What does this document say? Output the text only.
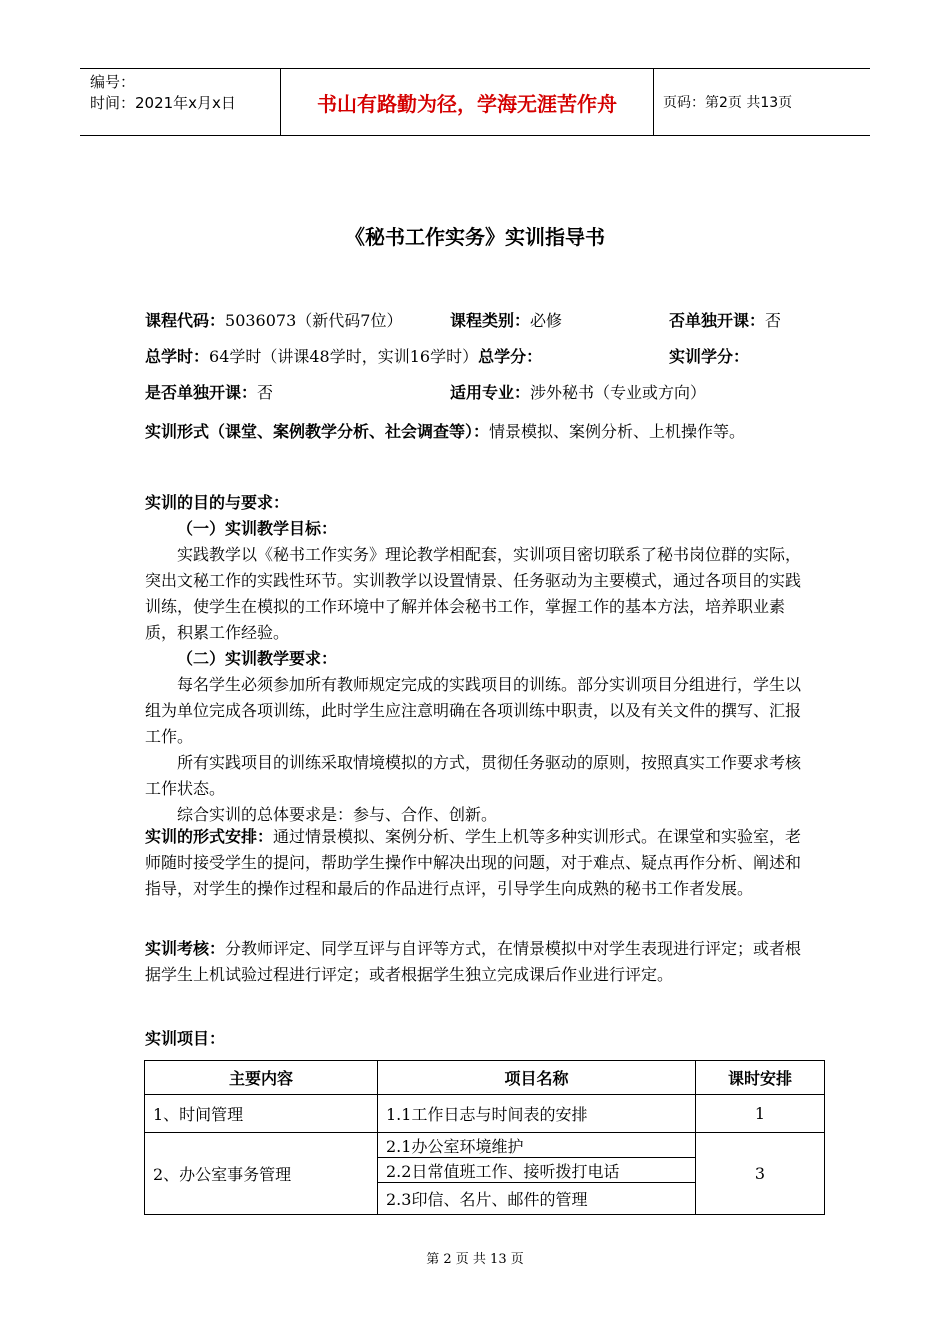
编号：
时间：2021年x月x日	书山有路勤为径，学海无涯苦作舟	页码：第2页 共13页
《秘书工作实务》实训指导书
课程代码：5036073（新代码7位）	课程类别：必修	否单独开课：否
总学时：64学时（讲课48学时，实训16学时）总学分：	实训学分：
是否单独开课：否	适用专业：涉外秘书（专业或方向）
实训形式（课堂、案例教学分析、社会调查等）：情景模拟、案例分析、上机操作等。
实训的目的与要求：
（一）实训教学目标：
实践教学以《秘书工作实务》理论教学相配套，实训项目密切联系了秘书岗位群的实际，突出文秘工作的实践性环节。实训教学以设置情景、任务驱动为主要模式，通过各项目的实践训练，使学生在模拟的工作环境中了解并体会秘书工作，掌握工作的基本方法，培养职业素质，积累工作经验。
（二）实训教学要求：
每名学生必须参加所有教师规定完成的实践项目的训练。部分实训项目分组进行，学生以组为单位完成各项训练，此时学生应注意明确在各项训练中职责，以及有关文件的撰写、汇报工作。
所有实践项目的训练采取情境模拟的方式，贯彻任务驱动的原则，按照真实工作要求考核工作状态。
综合实训的总体要求是：参与、合作、创新。
实训的形式安排：通过情景模拟、案例分析、学生上机等多种实训形式。在课堂和实验室，老师随时接受学生的提问，帮助学生操作中解决出现的问题，对于难点、疑点再作分析、阐述和指导，对学生的操作过程和最后的作品进行点评，引导学生向成熟的秘书工作者发展。
实训考核：分教师评定、同学互评与自评等方式，在情景模拟中对学生表现进行评定；或者根据学生上机试验过程进行评定；或者根据学生独立完成课后作业进行评定。
实训项目：
主要内容	项目名称	课时安排
1、时间管理	1.1工作日志与时间表的安排	1
2、办公室事务管理	2.1办公室环境维护	3
	2.2日常值班工作、接听拨打电话	
	2.3印信、名片、邮件的管理	
第 2 页 共 13 页
